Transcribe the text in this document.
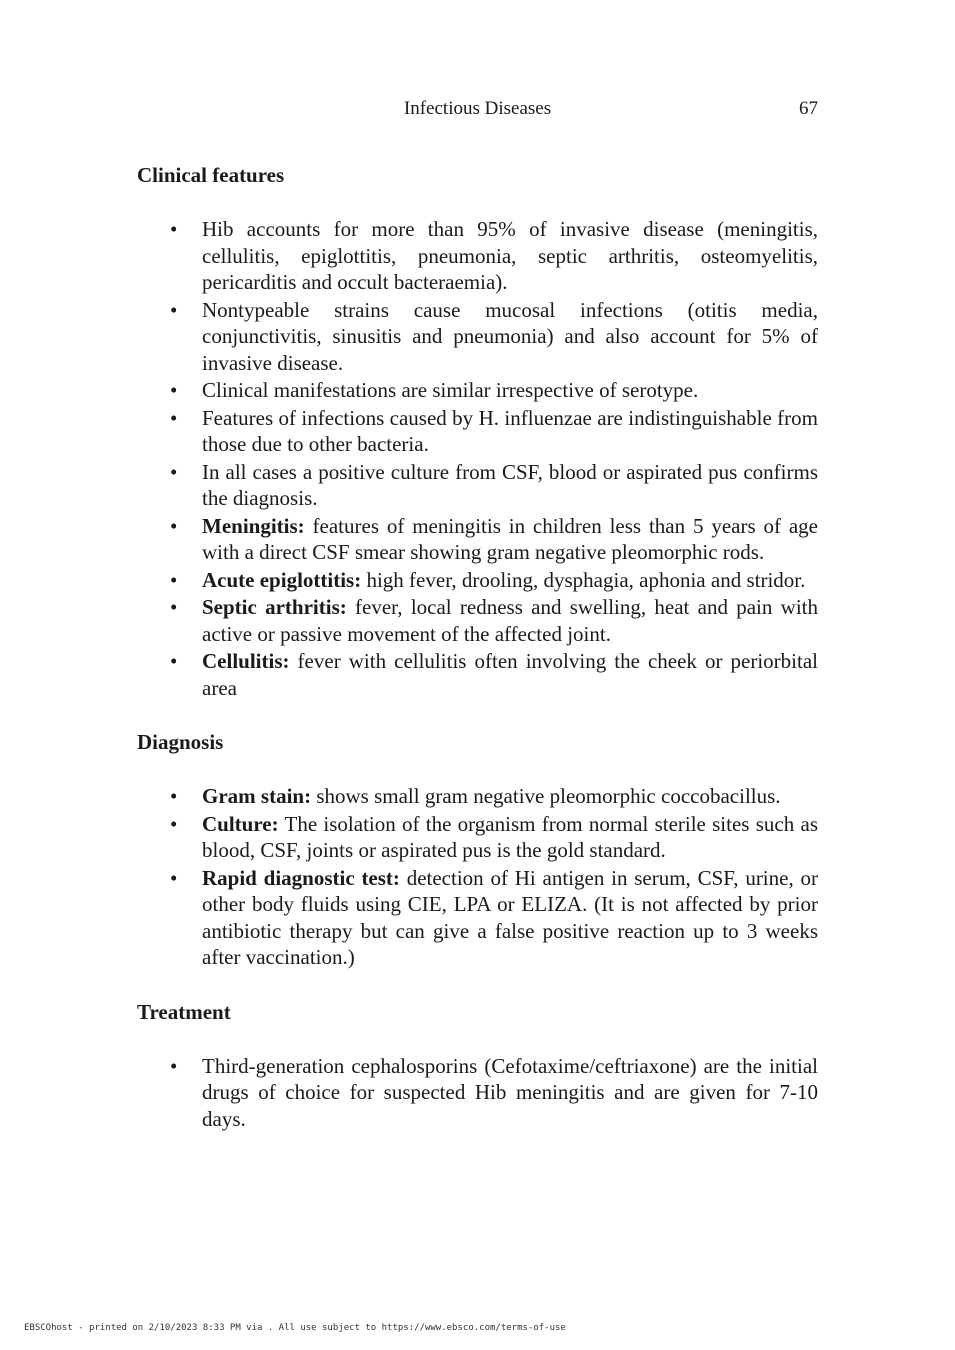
Infectious Diseases	67
Clinical features
• Hib accounts for more than 95% of invasive disease (meningitis, cellulitis, epiglottitis, pneumonia, septic arthritis, osteomyelitis, pericarditis and occult bacteraemia).
• Nontypeable strains cause mucosal infections (otitis media, conjunctivitis, sinusitis and pneumonia) and also account for 5% of invasive disease.
• Clinical manifestations are similar irrespective of serotype.
• Features of infections caused by H. influenzae are indistinguishable from those due to other bacteria.
• In all cases a positive culture from CSF, blood or aspirated pus confirms the diagnosis.
• Meningitis: features of meningitis in children less than 5 years of age with a direct CSF smear showing gram negative pleomorphic rods.
• Acute epiglottitis: high fever, drooling, dysphagia, aphonia and stridor.
• Septic arthritis: fever, local redness and swelling, heat and pain with active or passive movement of the affected joint.
• Cellulitis: fever with cellulitis often involving the cheek or periorbital area
Diagnosis
• Gram stain: shows small gram negative pleomorphic coccobacillus.
• Culture: The isolation of the organism from normal sterile sites such as blood, CSF, joints or aspirated pus is the gold standard.
• Rapid diagnostic test: detection of Hi antigen in serum, CSF, urine, or other body fluids using CIE, LPA or ELIZA. (It is not affected by prior antibiotic therapy but can give a false positive reaction up to 3 weeks after vaccination.)
Treatment
• Third-generation cephalosporins (Cefotaxime/ceftriaxone) are the initial drugs of choice for suspected Hib meningitis and are given for 7-10 days.
EBSCOhost - printed on 2/10/2023 8:33 PM via . All use subject to https://www.ebsco.com/terms-of-use
